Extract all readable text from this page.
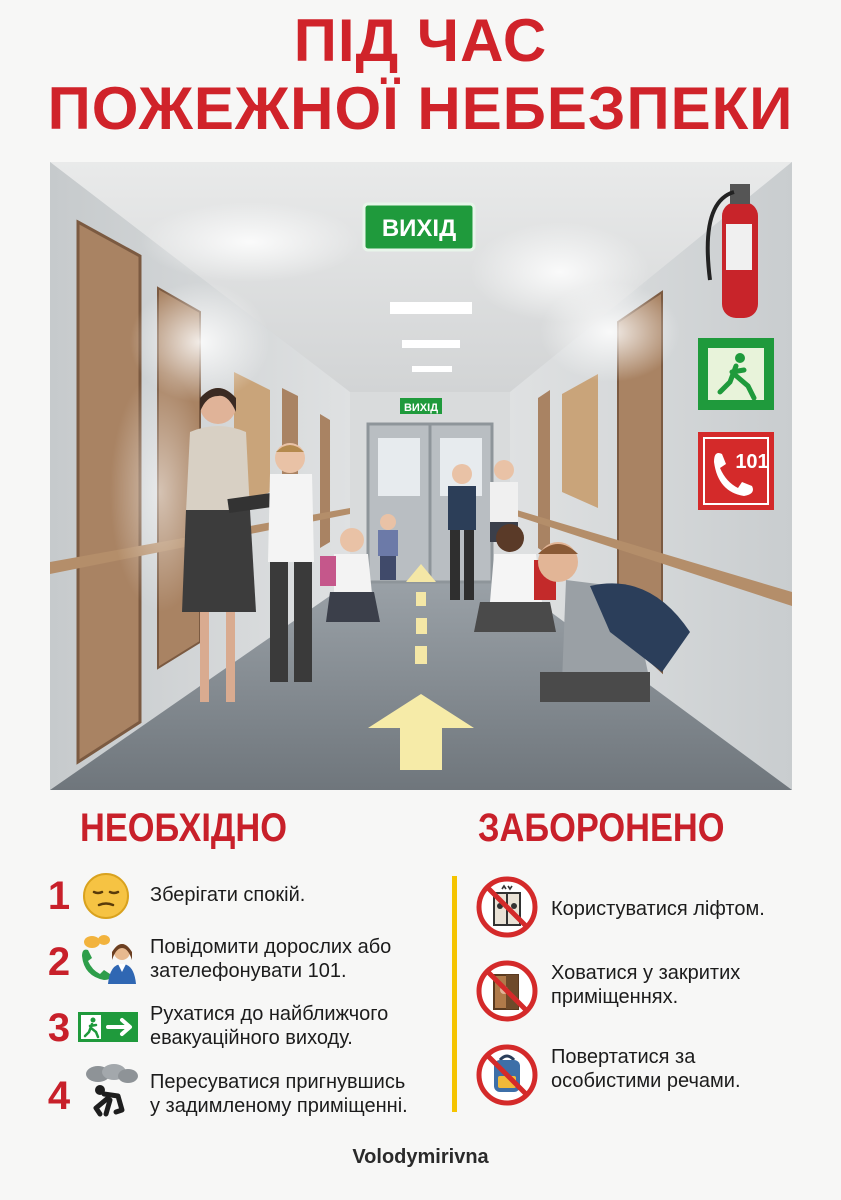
ПІД ЧАС
ПОЖЕЖНОЇ НЕБЕЗПЕКИ
ВИХІД
ВИХІД
101
НЕОБХІДНО
1	Зберігати спокій.
2	Повідомити дорослих або
зателефонувати 101.
3	Рухатися до найближчого
евакуаційного виходу.
4	Пересуватися пригнувшись
у задимленому приміщенні.
ЗАБОРОНЕНО
Користуватися ліфтом.
Ховатися у закритих
приміщеннях.
Повертатися за
особистими речами.
Volodymirivna
